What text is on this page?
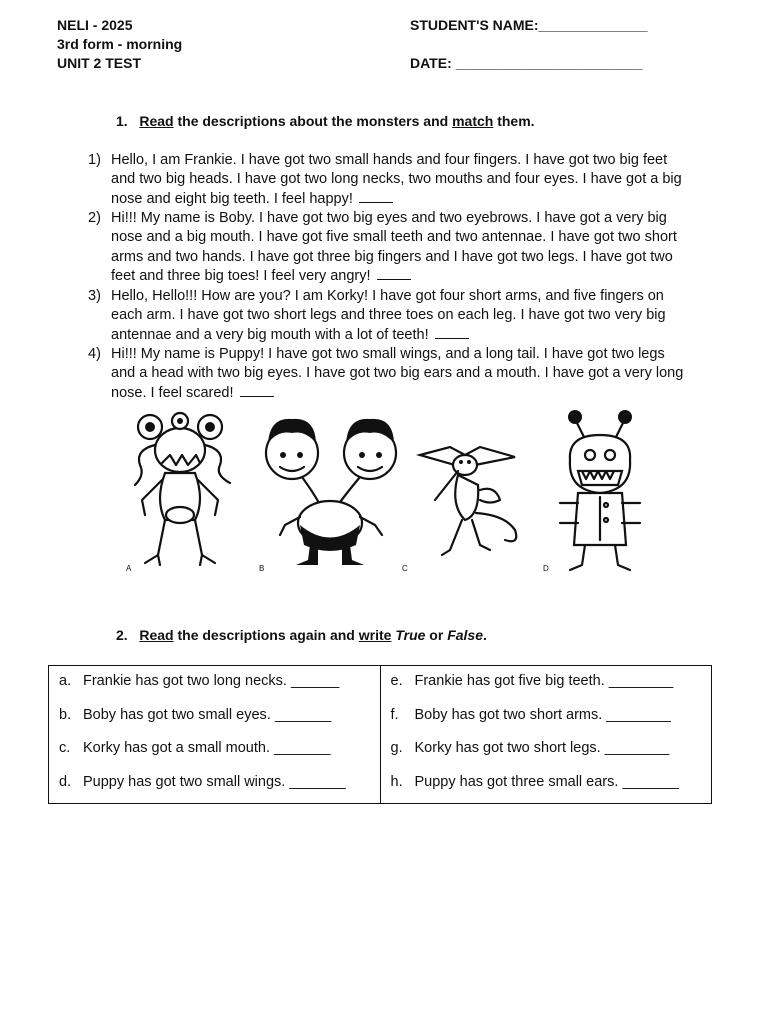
NELI - 2025
3rd form - morning
UNIT 2 TEST
STUDENT'S NAME:______________
DATE: ________________________
1. Read the descriptions about the monsters and match them.
1) Hello, I am Frankie. I have got two small hands and four fingers. I have got two big feet and two big heads. I have got two long necks, two mouths and four eyes. I have got a big nose and eight big teeth. I feel happy!
2) Hi!!! My name is Boby. I have got two big eyes and two eyebrows. I have got a very big nose and a big mouth. I have got five small teeth and two antennae. I have got two short arms and two hands. I have got three big fingers and I have got two legs. I have got two feet and three big toes! I feel very angry!
3) Hello, Hello!!! How are you? I am Korky! I have got four short arms, and five fingers on each arm. I have got two short legs and three toes on each leg. I have got two very big antennae and a very big mouth with a lot of teeth!
4) Hi!!! My name is Puppy! I have got two small wings, and a long tail. I have got two legs and a head with two big eyes. I have got two big ears and a mouth. I have got a very long nose. I feel scared!
A	B	C	D
2. Read the descriptions again and write True or False.
a. Frankie has got two long necks. ______
b. Boby has got two small eyes. _______
c. Korky has got a small mouth. _______
d. Puppy has got two small wings. _______

e. Frankie has got five big teeth. ________
f. Boby has got two short arms. ________
g. Korky has got two short legs. ________
h. Puppy has got three small ears. _______
